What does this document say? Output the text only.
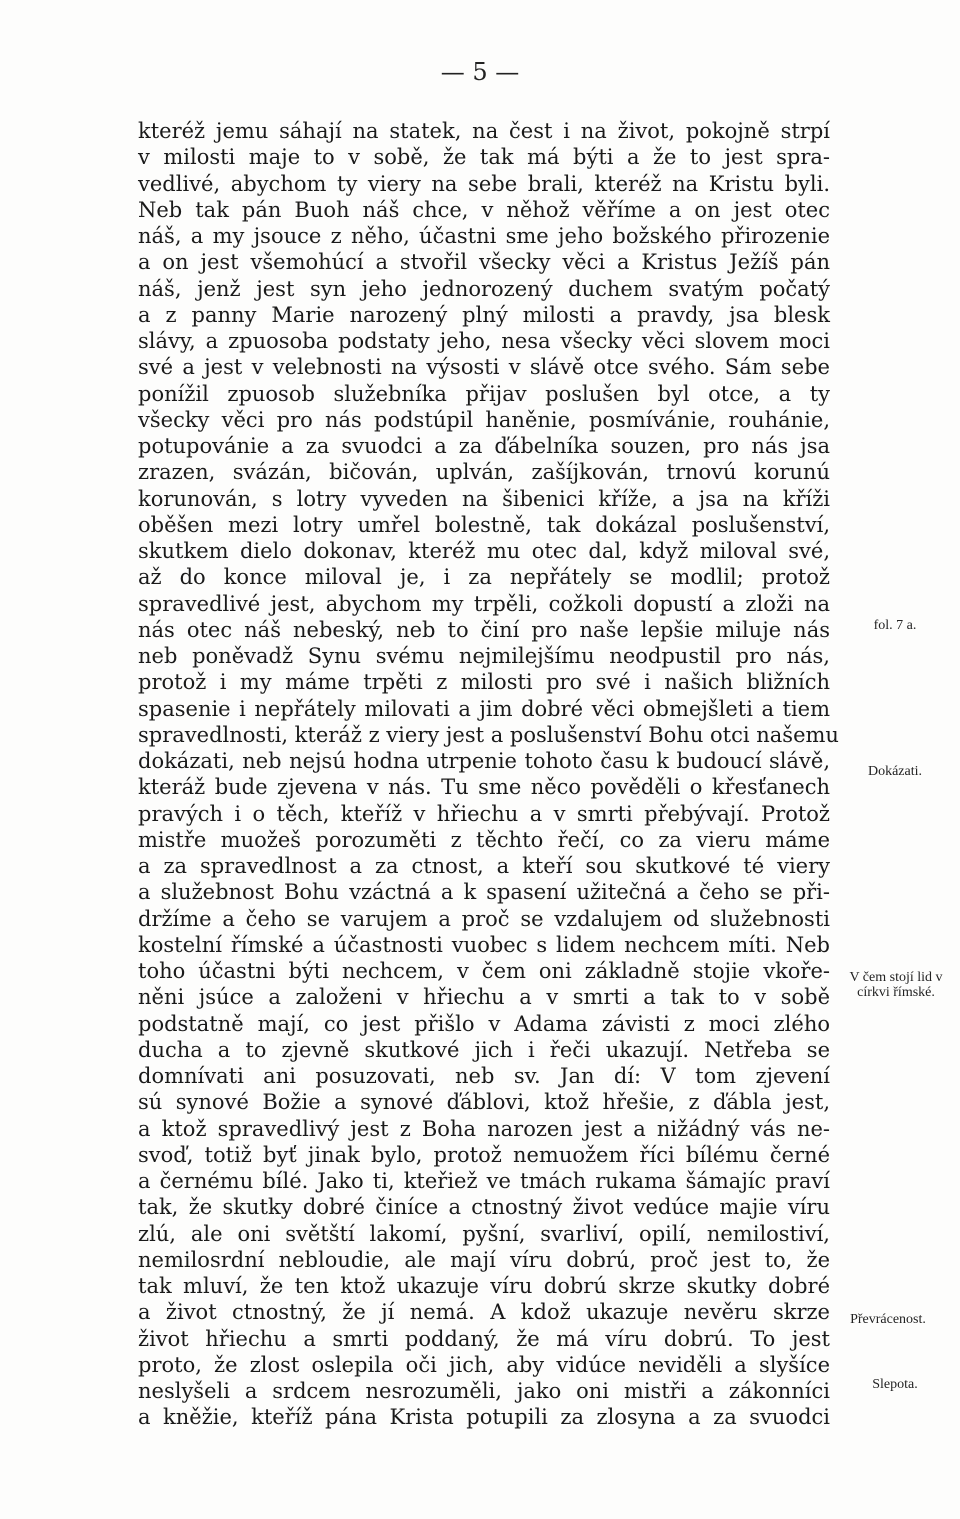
— 5 —
kteréž jemu sáhají na statek, na čest i na život, pokojně strpí
v milosti maje to v sobě, že tak má býti a že to jest spra-
vedlivé, abychom ty viery na sebe brali, kteréž na Kristu byli.
Neb tak pán Buoh náš chce, v něhož věříme a on jest otec
náš, a my jsouce z něho, účastni sme jeho božského přirozenie
a on jest všemohúcí a stvořil všecky věci a Kristus Ježíš pán
náš, jenž jest syn jeho jednorozený duchem svatým počatý
a z panny Marie narozený plný milosti a pravdy, jsa blesk
slávy, a zpuosoba podstaty jeho, nesa všecky věci slovem moci
své a jest v velebnosti na výsosti v slávě otce svého. Sám sebe
ponížil zpuosob služebníka přijav poslušen byl otce, a ty
všecky věci pro nás podstúpil haněnie, posmívánie, rouhánie,
potupovánie a za svuodci a za ďábelníka souzen, pro nás jsa
zrazen, svázán, bičován, uplván, zašíjkován, trnovú korunú
korunován, s lotry vyveden na šibenici kříže, a jsa na kříži
oběšen mezi lotry umřel bolestně, tak dokázal poslušenství,
skutkem dielo dokonav, kteréž mu otec dal, když miloval své,
až do konce miloval je, i za nepřátely se modlil; protož
spravedlivé jest, abychom my trpěli, cožkoli dopustí a zloži na
nás otec náš nebeský, neb to činí pro naše lepšie miluje nás
neb poněvadž Synu svému nejmilejšímu neodpustil pro nás,
protož i my máme trpěti z milosti pro své i našich bližních
spasenie i nepřátely milovati a jim dobré věci obmejšleti a tiem
spravedlnosti, kteráž z viery jest a poslušenství Bohu otci našemu
dokázati, neb nejsú hodna utrpenie tohoto času k budoucí slávě,
kteráž bude zjevena v nás. Tu sme něco pověděli o křesťanech
pravých i o těch, kteříž v hřiechu a v smrti přebývají. Protož
mistře muožeš porozuměti z těchto řečí, co za vieru máme
a za spravedlnost a za ctnost, a kteří sou skutkové té viery
a služebnost Bohu vzáctná a k spasení užitečná a čeho se při-
držíme a čeho se varujem a proč se vzdalujem od služebnosti
kostelní římské a účastnosti vuobec s lidem nechcem míti. Neb
toho účastni býti nechcem, v čem oni základně stojie vkoře-
něni jsúce a založeni v hřiechu a v smrti a tak to v sobě
podstatně mají, co jest přišlo v Adama závisti z moci zlého
ducha a to zjevně skutkové jich i řeči ukazují. Netřeba se
domnívati ani posuzovati, neb sv. Jan dí: V tom zjevení
sú synové Božie a synové ďáblovi, ktož hřešie, z ďábla jest,
a ktož spravedlivý jest z Boha narozen jest a nižádný vás ne-
svoď, totiž byť jinak bylo, protož nemuožem říci bílému černé
a černému bílé. Jako ti, kteřiež ve tmách rukama šámajíc praví
tak, že skutky dobré činíce a ctnostný život vedúce majie víru
zlú, ale oni světští lakomí, pyšní, svarliví, opilí, nemilostiví,
nemilosrdní nebloudie, ale mají víru dobrú, proč jest to, že
tak mluví, že ten ktož ukazuje víru dobrú skrze skutky dobré
a život ctnostný, že jí nemá. A kdož ukazuje nevěru skrze
život hřiechu a smrti poddaný, že má víru dobrú. To jest
proto, že zlost oslepila oči jich, aby vidúce neviděli a slyšíce
neslyšeli a srdcem nesrozuměli, jako oni mistři a zákonníci
a kněžie, kteříž pána Krista potupili za zlosyna a za svuodci
fol. 7 a.
Dokázati.
V čem stojí lid v církvi římské.
Převrácenost.
Slepota.
